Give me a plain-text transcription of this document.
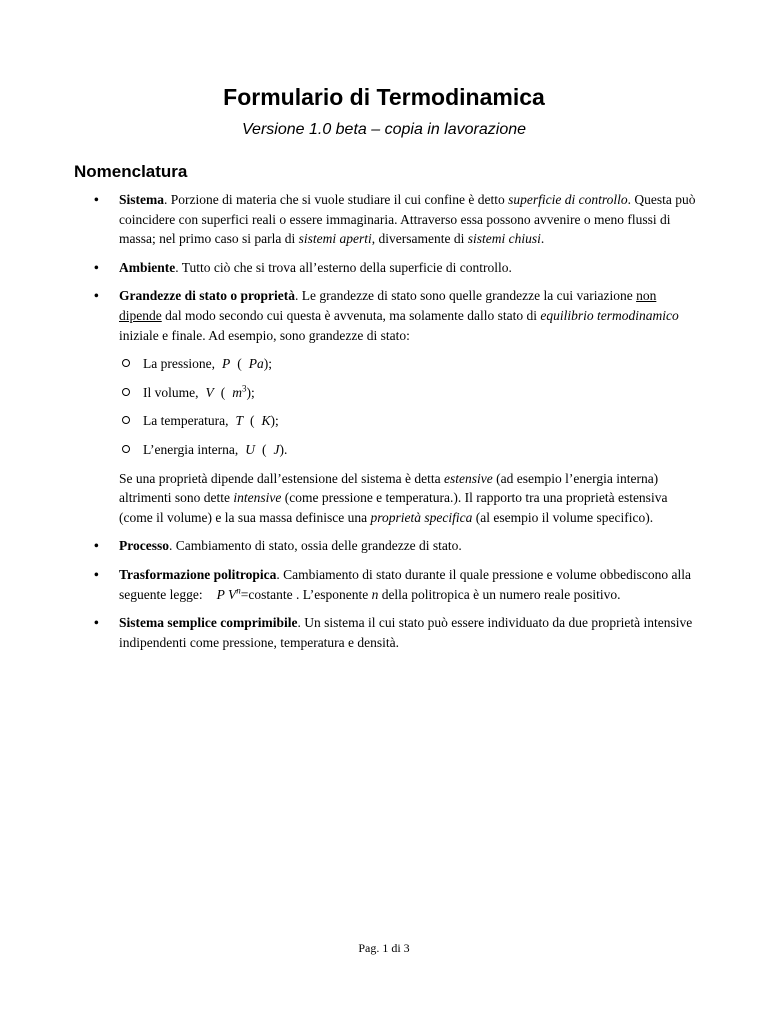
Formulario di Termodinamica
Versione 1.0 beta – copia in lavorazione
Nomenclatura
• Sistema. Porzione di materia che si vuole studiare il cui confine è detto superficie di controllo. Questa può coincidere con superfici reali o essere immaginaria. Attraverso essa possono avvenire o meno flussi di massa; nel primo caso si parla di sistemi aperti, diversamente di sistemi chiusi.
• Ambiente. Tutto ciò che si trova all’esterno della superficie di controllo.
• Grandezze di stato o proprietà. Le grandezze di stato sono quelle grandezze la cui variazione non dipende dal modo secondo cui questa è avvenuta, ma solamente dallo stato di equilibrio termodinamico iniziale e finale. Ad esempio, sono grandezze di stato:
La pressione, P ( Pa);
Il volume, V ( $m^3$);
La temperatura, T ( K);
L’energia interna, U ( J).
Se una proprietà dipende dall’estensione del sistema è detta estensive (ad esempio l’energia interna) altrimenti sono dette intensive (come pressione e temperatura.). Il rapporto tra una proprietà estensiva (come il volume) e la sua massa definisce una proprietà specifica (al esempio il volume specifico).
• Processo. Cambiamento di stato, ossia delle grandezze di stato.
• Trasformazione politropica. Cambiamento di stato durante il quale pressione e volume obbediscono alla seguente legge: P $V^n=costante$ . L’esponente n della politropica è un numero reale positivo.
• Sistema semplice comprimibile. Un sistema il cui stato può essere individuato da due proprietà intensive indipendenti come pressione, temperatura e densità.
Pag. 1 di 3
